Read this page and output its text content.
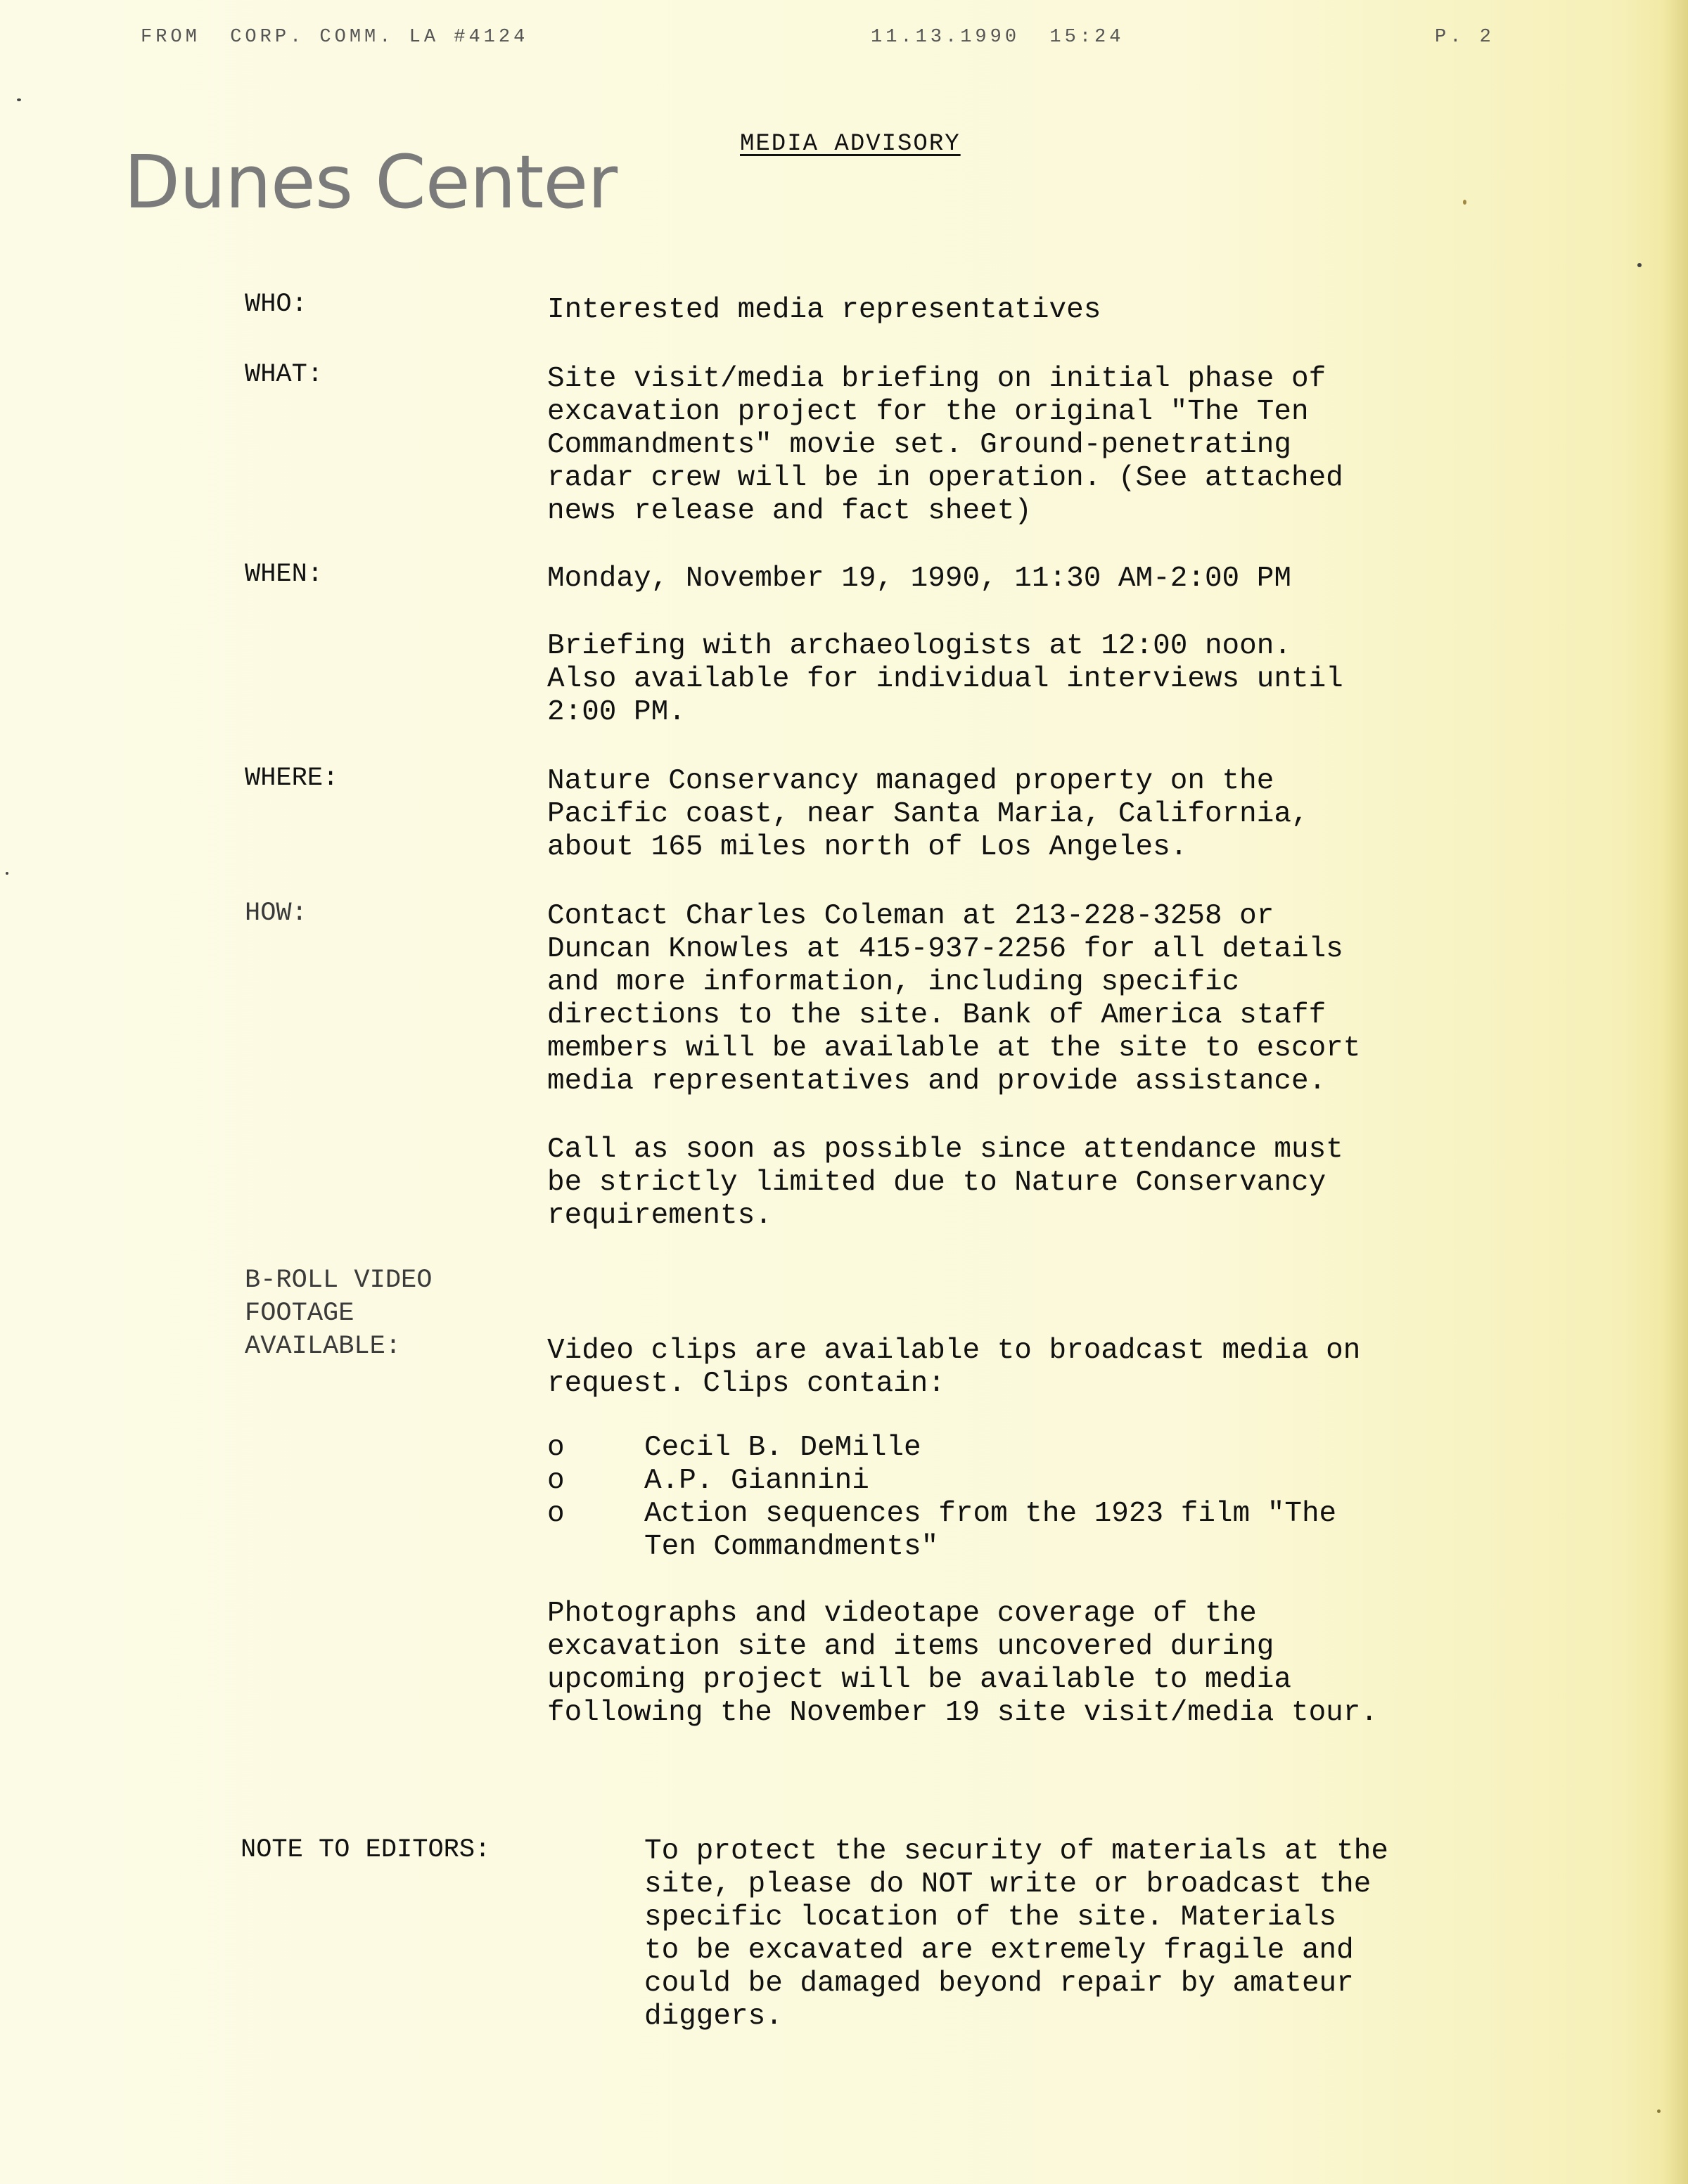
FROM  CORP. COMM. LA #4124	11.13.1990  15:24	P. 2
Dunes Center	MEDIA ADVISORY
WHO:	Interested media representatives
WHAT:	Site visit/media briefing on initial phase of
excavation project for the original "The Ten
Commandments" movie set. Ground-penetrating
radar crew will be in operation. (See attached
news release and fact sheet)
WHEN:	Monday, November 19, 1990, 11:30 AM-2:00 PM
Briefing with archaeologists at 12:00 noon.
Also available for individual interviews until
2:00 PM.
WHERE:	Nature Conservancy managed property on the
Pacific coast, near Santa Maria, California,
about 165 miles north of Los Angeles.
HOW:	Contact Charles Coleman at 213-228-3258 or
Duncan Knowles at 415-937-2256 for all details
and more information, including specific
directions to the site. Bank of America staff
members will be available at the site to escort
media representatives and provide assistance.
Call as soon as possible since attendance must
be strictly limited due to Nature Conservancy
requirements.
B-ROLL VIDEO
FOOTAGE
AVAILABLE:	Video clips are available to broadcast media on
request. Clips contain:
o	Cecil B. DeMille
o	A.P. Giannini
o	Action sequences from the 1923 film "The
Ten Commandments"
Photographs and videotape coverage of the
excavation site and items uncovered during
upcoming project will be available to media
following the November 19 site visit/media tour.
NOTE TO EDITORS:	To protect the security of materials at the
site, please do NOT write or broadcast the
specific location of the site. Materials
to be excavated are extremely fragile and
could be damaged beyond repair by amateur
diggers.
